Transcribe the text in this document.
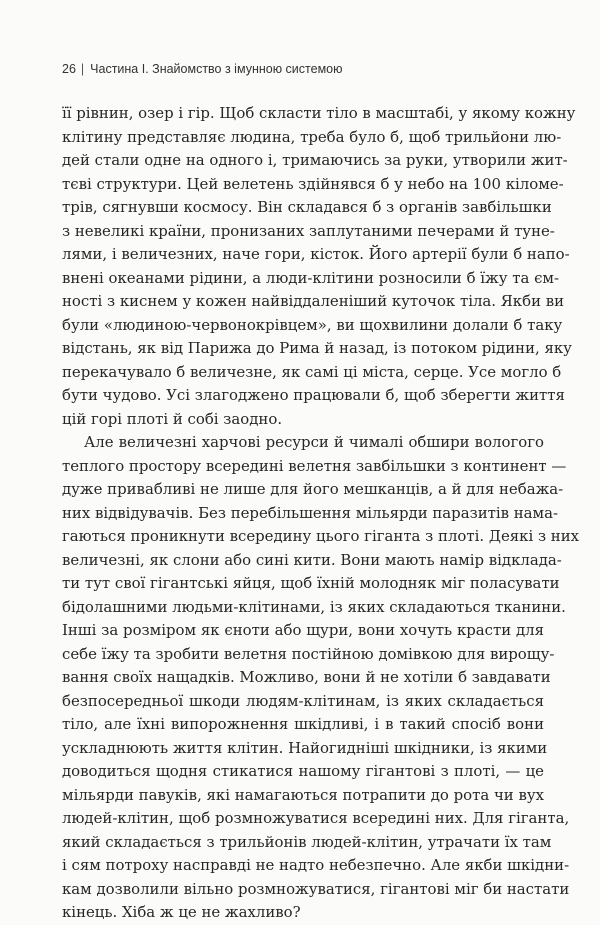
26 | Частина I. Знайомство з імунною системою
її рівнин, озер і гір. Щоб скласти тіло в масштабі, у якому кожну
клітину представляє людина, треба було б, щоб трильйони лю-
дей стали одне на одного і, тримаючись за руки, утворили жит-
тєві структури. Цей велетень здійнявся б у небо на 100 кіломе-
трів, сягнувши космосу. Він складався б з органів завбільшки
з невеликі країни, пронизаних заплутаними печерами й туне-
лями, і величезних, наче гори, кісток. Його артерії були б напо-
внені океанами рідини, а люди-клітини розносили б їжу та єм-
ності з киснем у кожен найвіддаленіший куточок тіла. Якби ви
були «людиною-червонокрівцем», ви щохвилини долали б таку
відстань, як від Парижа до Рима й назад, із потоком рідини, яку
перекачувало б величезне, як самі ці міста, серце. Усе могло б
бути чудово. Усі злагоджено працювали б, щоб зберегти життя
цій горі плоті й собі заодно.
Але величезні харчові ресурси й чималі обшири вологого
теплого простору всередині велетня завбільшки з континент —
дуже привабливі не лише для його мешканців, а й для небажа-
них відвідувачів. Без перебільшення мільярди паразитів нама-
гаються проникнути всередину цього гіганта з плоті. Деякі з них
величезні, як слони або сині кити. Вони мають намір відклада-
ти тут свої гігантські яйця, щоб їхній молодняк міг поласувати
бідолашними людьми-клітинами, із яких складаються тканини.
Інші за розміром як єноти або щури, вони хочуть красти для
себе їжу та зробити велетня постійною домівкою для вирощу-
вання своїх нащадків. Можливо, вони й не хотіли б завдавати
безпосередньої шкоди людям-клітинам, із яких складається
тіло, але їхні випорожнення шкідливі, і в такий спосіб вони
ускладнюють життя клітин. Найогидніші шкідники, із якими
доводиться щодня стикатися нашому гігантові з плоті, — це
мільярди павуків, які намагаються потрапити до рота чи вух
людей-клітин, щоб розмножуватися всередині них. Для гіганта,
який складається з трильйонів людей-клітин, утрачати їх там
і сям потроху насправді не надто небезпечно. Але якби шкідни-
кам дозволили вільно розмножуватися, гігантові міг би настати
кінець. Хіба ж це не жахливо?
